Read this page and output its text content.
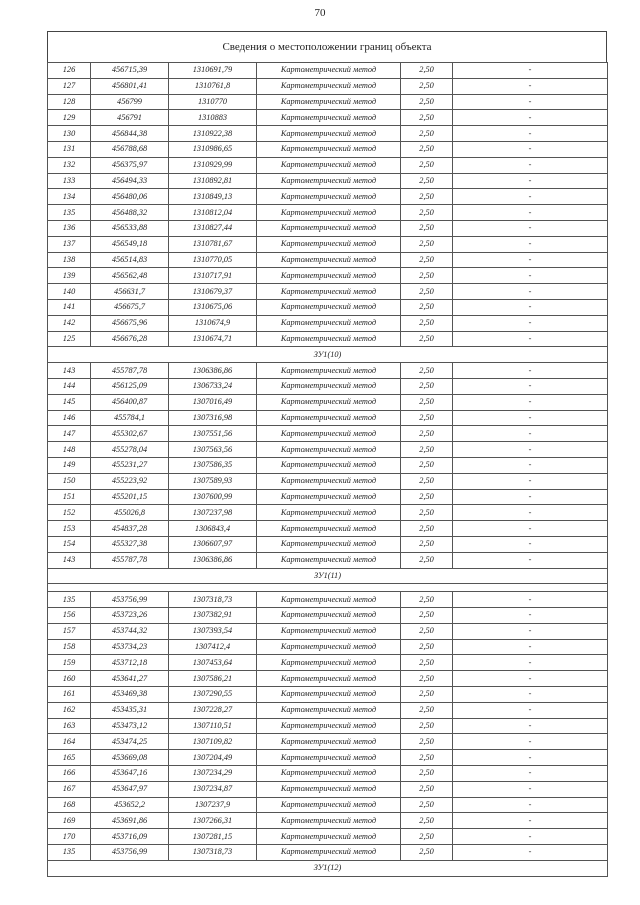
70
Сведения о местоположении границ объекта
126	456715,39	1310691,79	Картометрический метод	2,50	-
127	456801,41	1310761,8	Картометрический метод	2,50	-
128	456799	1310770	Картометрический метод	2,50	-
129	456791	1310883	Картометрический метод	2,50	-
130	456844,38	1310922,38	Картометрический метод	2,50	-
131	456788,68	1310986,65	Картометрический метод	2,50	-
132	456375,97	1310929,99	Картометрический метод	2,50	-
133	456494,33	1310892,81	Картометрический метод	2,50	-
134	456480,06	1310849,13	Картометрический метод	2,50	-
135	456488,32	1310812,04	Картометрический метод	2,50	-
136	456533,88	1310827,44	Картометрический метод	2,50	-
137	456549,18	1310781,67	Картометрический метод	2,50	-
138	456514,83	1310770,05	Картометрический метод	2,50	-
139	456562,48	1310717,91	Картометрический метод	2,50	-
140	456631,7	1310679,37	Картометрический метод	2,50	-
141	456675,7	1310675,06	Картометрический метод	2,50	-
142	456675,96	1310674,9	Картометрический метод	2,50	-
125	456676,28	1310674,71	Картометрический метод	2,50	-
ЗУ1(10)					
143	455787,78	1306386,86	Картометрический метод	2,50	-
144	456125,09	1306733,24	Картометрический метод	2,50	-
145	456400,87	1307016,49	Картометрический метод	2,50	-
146	455784,1	1307316,98	Картометрический метод	2,50	-
147	455302,67	1307551,56	Картометрический метод	2,50	-
148	455278,04	1307563,56	Картометрический метод	2,50	-
149	455231,27	1307586,35	Картометрический метод	2,50	-
150	455223,92	1307589,93	Картометрический метод	2,50	-
151	455201,15	1307600,99	Картометрический метод	2,50	-
152	455026,8	1307237,98	Картометрический метод	2,50	-
153	454837,28	1306843,4	Картометрический метод	2,50	-
154	455327,38	1306607,97	Картометрический метод	2,50	-
143	455787,78	1306386,86	Картометрический метод	2,50	-
ЗУ1(11)					

135	453756,99	1307318,73	Картометрический метод	2,50	-
156	453723,26	1307382,91	Картометрический метод	2,50	-
157	453744,32	1307393,54	Картометрический метод	2,50	-
158	453734,23	1307412,4	Картометрический метод	2,50	-
159	453712,18	1307453,64	Картометрический метод	2,50	-
160	453641,27	1307586,21	Картометрический метод	2,50	-
161	453469,38	1307290,55	Картометрический метод	2,50	-
162	453435,31	1307228,27	Картометрический метод	2,50	-
163	453473,12	1307110,51	Картометрический метод	2,50	-
164	453474,25	1307109,82	Картометрический метод	2,50	-
165	453669,08	1307204,49	Картометрический метод	2,50	-
166	453647,16	1307234,29	Картометрический метод	2,50	-
167	453647,97	1307234,87	Картометрический метод	2,50	-
168	453652,2	1307237,9	Картометрический метод	2,50	-
169	453691,86	1307266,31	Картометрический метод	2,50	-
170	453716,09	1307281,15	Картометрический метод	2,50	-
135	453756,99	1307318,73	Картометрический метод	2,50	-
ЗУ1(12)					
